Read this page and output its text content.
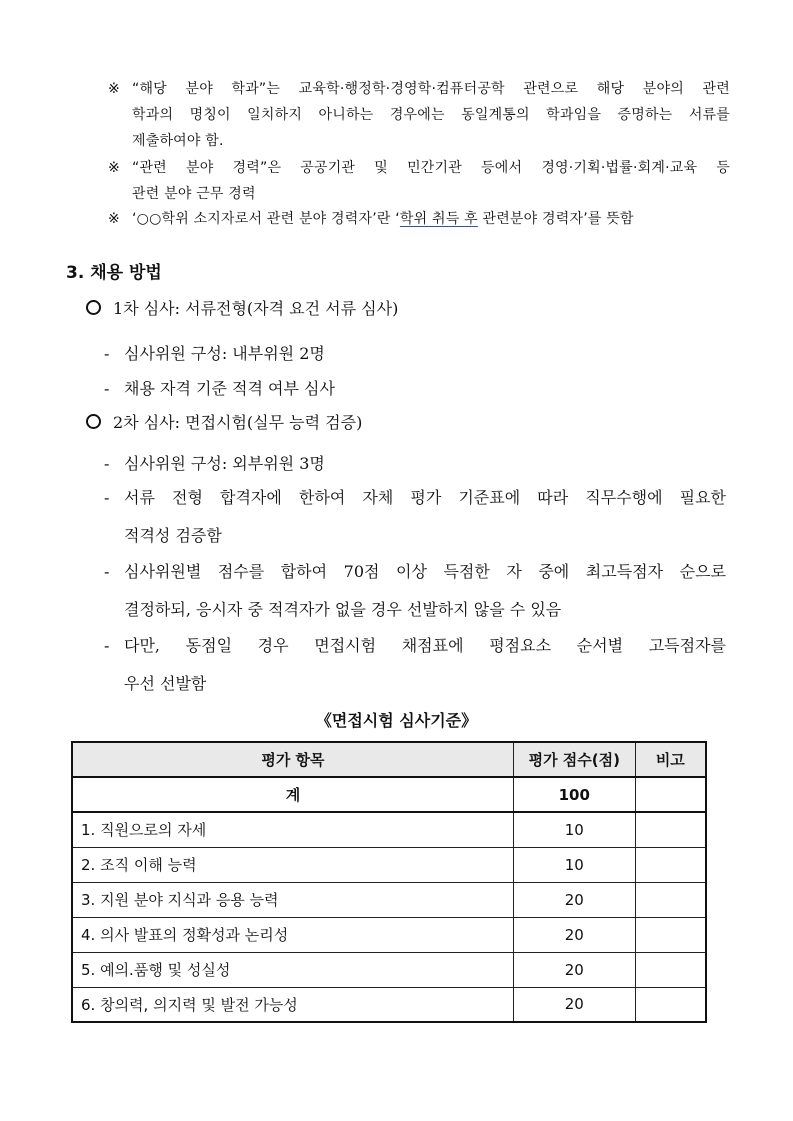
※ “해당 분야 학과”는 교육학·행정학·경영학·컴퓨터공학 관련으로 해당 분야의 관련
학과의 명칭이 일치하지 아니하는 경우에는 동일계통의 학과임을 증명하는 서류를
제출하여야 함.
※ “관련 분야 경력”은 공공기관 및 민간기관 등에서 경영·기획·법률·회계·교육 등
관련 분야 근무 경력
※ ‘○○학위 소지자로서 관련 분야 경력자’란 ‘학위 취득 후 관련분야 경력자’를 뜻함
3. 채용 방법
1차 심사: 서류전형(자격 요건 서류 심사)
- 심사위원 구성: 내부위원 2명
- 채용 자격 기준 적격 여부 심사
2차 심사: 면접시험(실무 능력 검증)
- 심사위원 구성: 외부위원 3명
- 서류 전형 합격자에 한하여 자체 평가 기준표에 따라 직무수행에 필요한
적격성 검증함
- 심사위원별 점수를 합하여 70점 이상 득점한 자 중에 최고득점자 순으로
결정하되, 응시자 중 적격자가 없을 경우 선발하지 않을 수 있음
- 다만, 동점일 경우 면접시험 채점표에 평점요소 순서별 고득점자를
우선 선발함
《면접시험 심사기준》
평가 항목	평가 점수(점)	비고
계	100	
1. 직원으로의 자세	10	
2. 조직 이해 능력	10	
3. 지원 분야 지식과 응용 능력	20	
4. 의사 발표의 정확성과 논리성	20	
5. 예의.품행 및 성실성	20	
6. 창의력, 의지력 및 발전 가능성	20	
